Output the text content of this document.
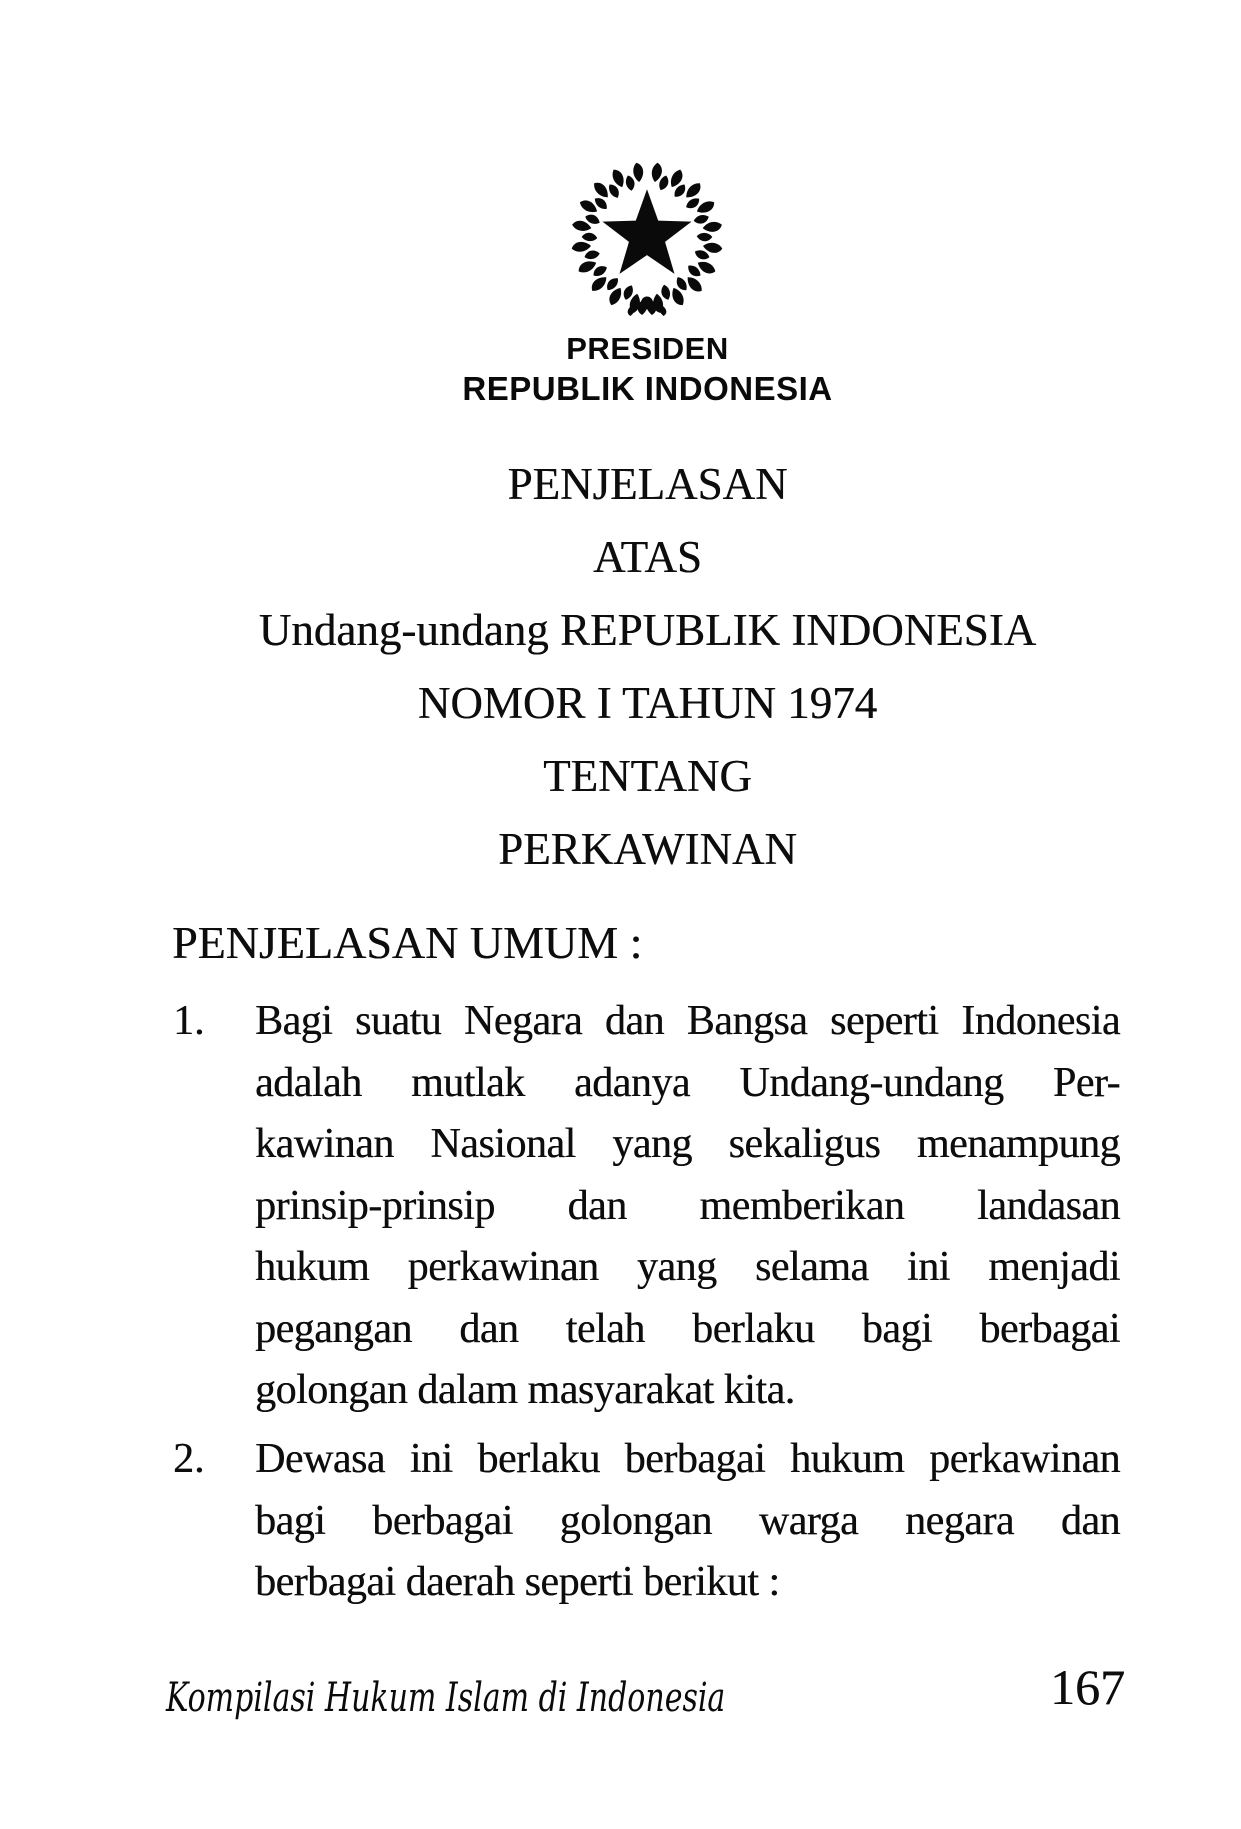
PRESIDEN
REPUBLIK INDONESIA
PENJELASAN
ATAS
Undang-undang REPUBLIK INDONESIA
NOMOR I TAHUN 1974
TENTANG
PERKAWINAN
PENJELASAN UMUM :
1. Bagi suatu Negara dan Bangsa seperti Indonesia
adalah mutlak adanya Undang-undang Per-
kawinan Nasional yang sekaligus menampung
prinsip-prinsip dan memberikan landasan
hukum perkawinan yang selama ini menjadi
pegangan dan telah berlaku bagi berbagai
golongan dalam masyarakat kita.
2. Dewasa ini berlaku berbagai hukum perkawinan
bagi berbagai golongan warga negara dan
berbagai daerah seperti berikut :
Kompilasi Hukum Islam di Indonesia	167
